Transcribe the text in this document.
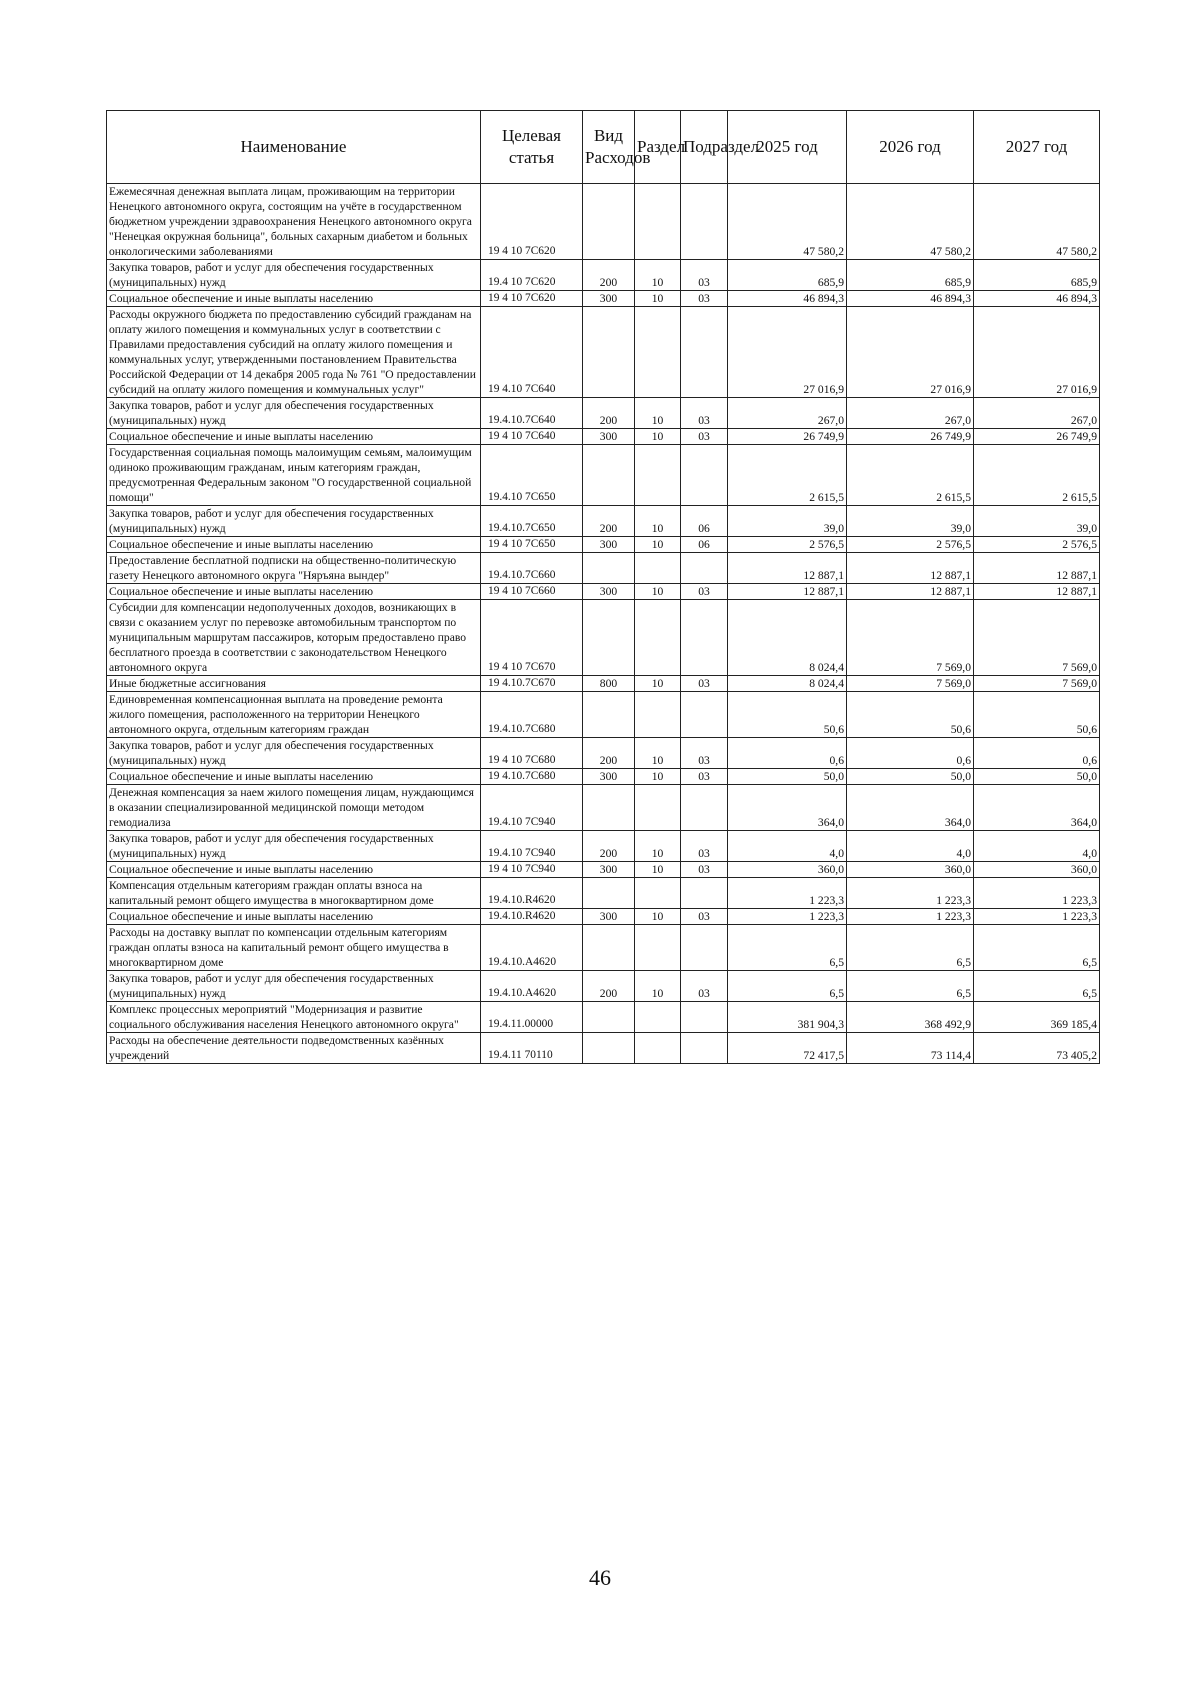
Наименование	Целевая статья	Вид Расходов	Раздел	Подраздел	2025 год	2026 год	2027 год
Ежемесячная денежная выплата лицам, проживающим на территории Ненецкого автономного округа, состоящим на учёте в государственном бюджетном учреждении здравоохранения Ненецкого автономного округа "Ненецкая окружная больница", больных сахарным диабетом и больных онкологическими заболеваниями	19 4 10 7С620				47 580,2	47 580,2	47 580,2
Закупка товаров, работ и услуг для обеспечения государственных (муниципальных) нужд	19.4 10 7С620	200	10	03	685,9	685,9	685,9
Социальное обеспечение и иные выплаты населению	19 4 10 7С620	300	10	03	46 894,3	46 894,3	46 894,3
Расходы окружного бюджета по предоставлению субсидий гражданам на оплату жилого помещения и коммунальных услуг в соответствии с Правилами предоставления субсидий на оплату жилого помещения и коммунальных услуг, утвержденными постановлением Правительства Российской Федерации от 14 декабря 2005 года № 761 "О предоставлении субсидий на оплату жилого помещения и коммунальных услуг"	19 4.10 7С640				27 016,9	27 016,9	27 016,9
Закупка товаров, работ и услуг для обеспечения государственных (муниципальных) нужд	19.4.10.7С640	200	10	03	267,0	267,0	267,0
Социальное обеспечение и иные выплаты населению	19 4 10 7С640	300	10	03	26 749,9	26 749,9	26 749,9
Государственная социальная помощь малоимущим семьям, малоимущим одиноко проживающим гражданам, иным категориям граждан, предусмотренная Федеральным законом "О государственной социальной помощи"	19.4.10 7С650				2 615,5	2 615,5	2 615,5
Закупка товаров, работ и услуг для обеспечения государственных (муниципальных) нужд	19.4.10.7С650	200	10	06	39,0	39,0	39,0
Социальное обеспечение и иные выплаты населению	19 4 10 7С650	300	10	06	2 576,5	2 576,5	2 576,5
Предоставление бесплатной подписки на общественно-политическую газету Ненецкого автономного округа "Няръяна вындер"	19.4.10.7С660				12 887,1	12 887,1	12 887,1
Социальное обеспечение и иные выплаты населению	19 4 10 7С660	300	10	03	12 887,1	12 887,1	12 887,1
Субсидии для компенсации недополученных доходов, возникающих в связи с оказанием услуг по перевозке автомобильным транспортом по муниципальным маршрутам пассажиров, которым предоставлено право бесплатного проезда в соответствии с законодательством Ненецкого автономного округа	19 4 10 7С670				8 024,4	7 569,0	7 569,0
Иные бюджетные ассигнования	19 4.10.7С670	800	10	03	8 024,4	7 569,0	7 569,0
Единовременная компенсационная выплата на проведение ремонта жилого помещения, расположенного на территории Ненецкого автономного округа, отдельным категориям граждан	19.4.10.7С680				50,6	50,6	50,6
Закупка товаров, работ и услуг для обеспечения государственных (муниципальных) нужд	19 4 10 7С680	200	10	03	0,6	0,6	0,6
Социальное обеспечение и иные выплаты населению	19 4.10.7С680	300	10	03	50,0	50,0	50,0
Денежная компенсация за наем жилого помещения лицам, нуждающимся в оказании специализированной медицинской помощи методом гемодиализа	19.4.10 7С940				364,0	364,0	364,0
Закупка товаров, работ и услуг для обеспечения государственных (муниципальных) нужд	19.4.10 7С940	200	10	03	4,0	4,0	4,0
Социальное обеспечение и иные выплаты населению	19 4 10 7С940	300	10	03	360,0	360,0	360,0
Компенсация отдельным категориям граждан оплаты взноса на капитальный ремонт общего имущества в многоквартирном доме	19.4.10.R4620				1 223,3	1 223,3	1 223,3
Социальное обеспечение и иные выплаты населению	19.4.10.R4620	300	10	03	1 223,3	1 223,3	1 223,3
Расходы на доставку выплат по компенсации отдельным категориям граждан оплаты взноса на капитальный ремонт общего имущества в многоквартирном доме	19.4.10.А4620				6,5	6,5	6,5
Закупка товаров, работ и услуг для обеспечения государственных (муниципальных) нужд	19.4.10.А4620	200	10	03	6,5	6,5	6,5
Комплекс процессных мероприятий "Модернизация и развитие социального обслуживания населения Ненецкого автономного округа"	19.4.11.00000				381 904,3	368 492,9	369 185,4
Расходы на обеспечение деятельности подведомственных казённых учреждений	19.4.11 70110				72 417,5	73 114,4	73 405,2
46
